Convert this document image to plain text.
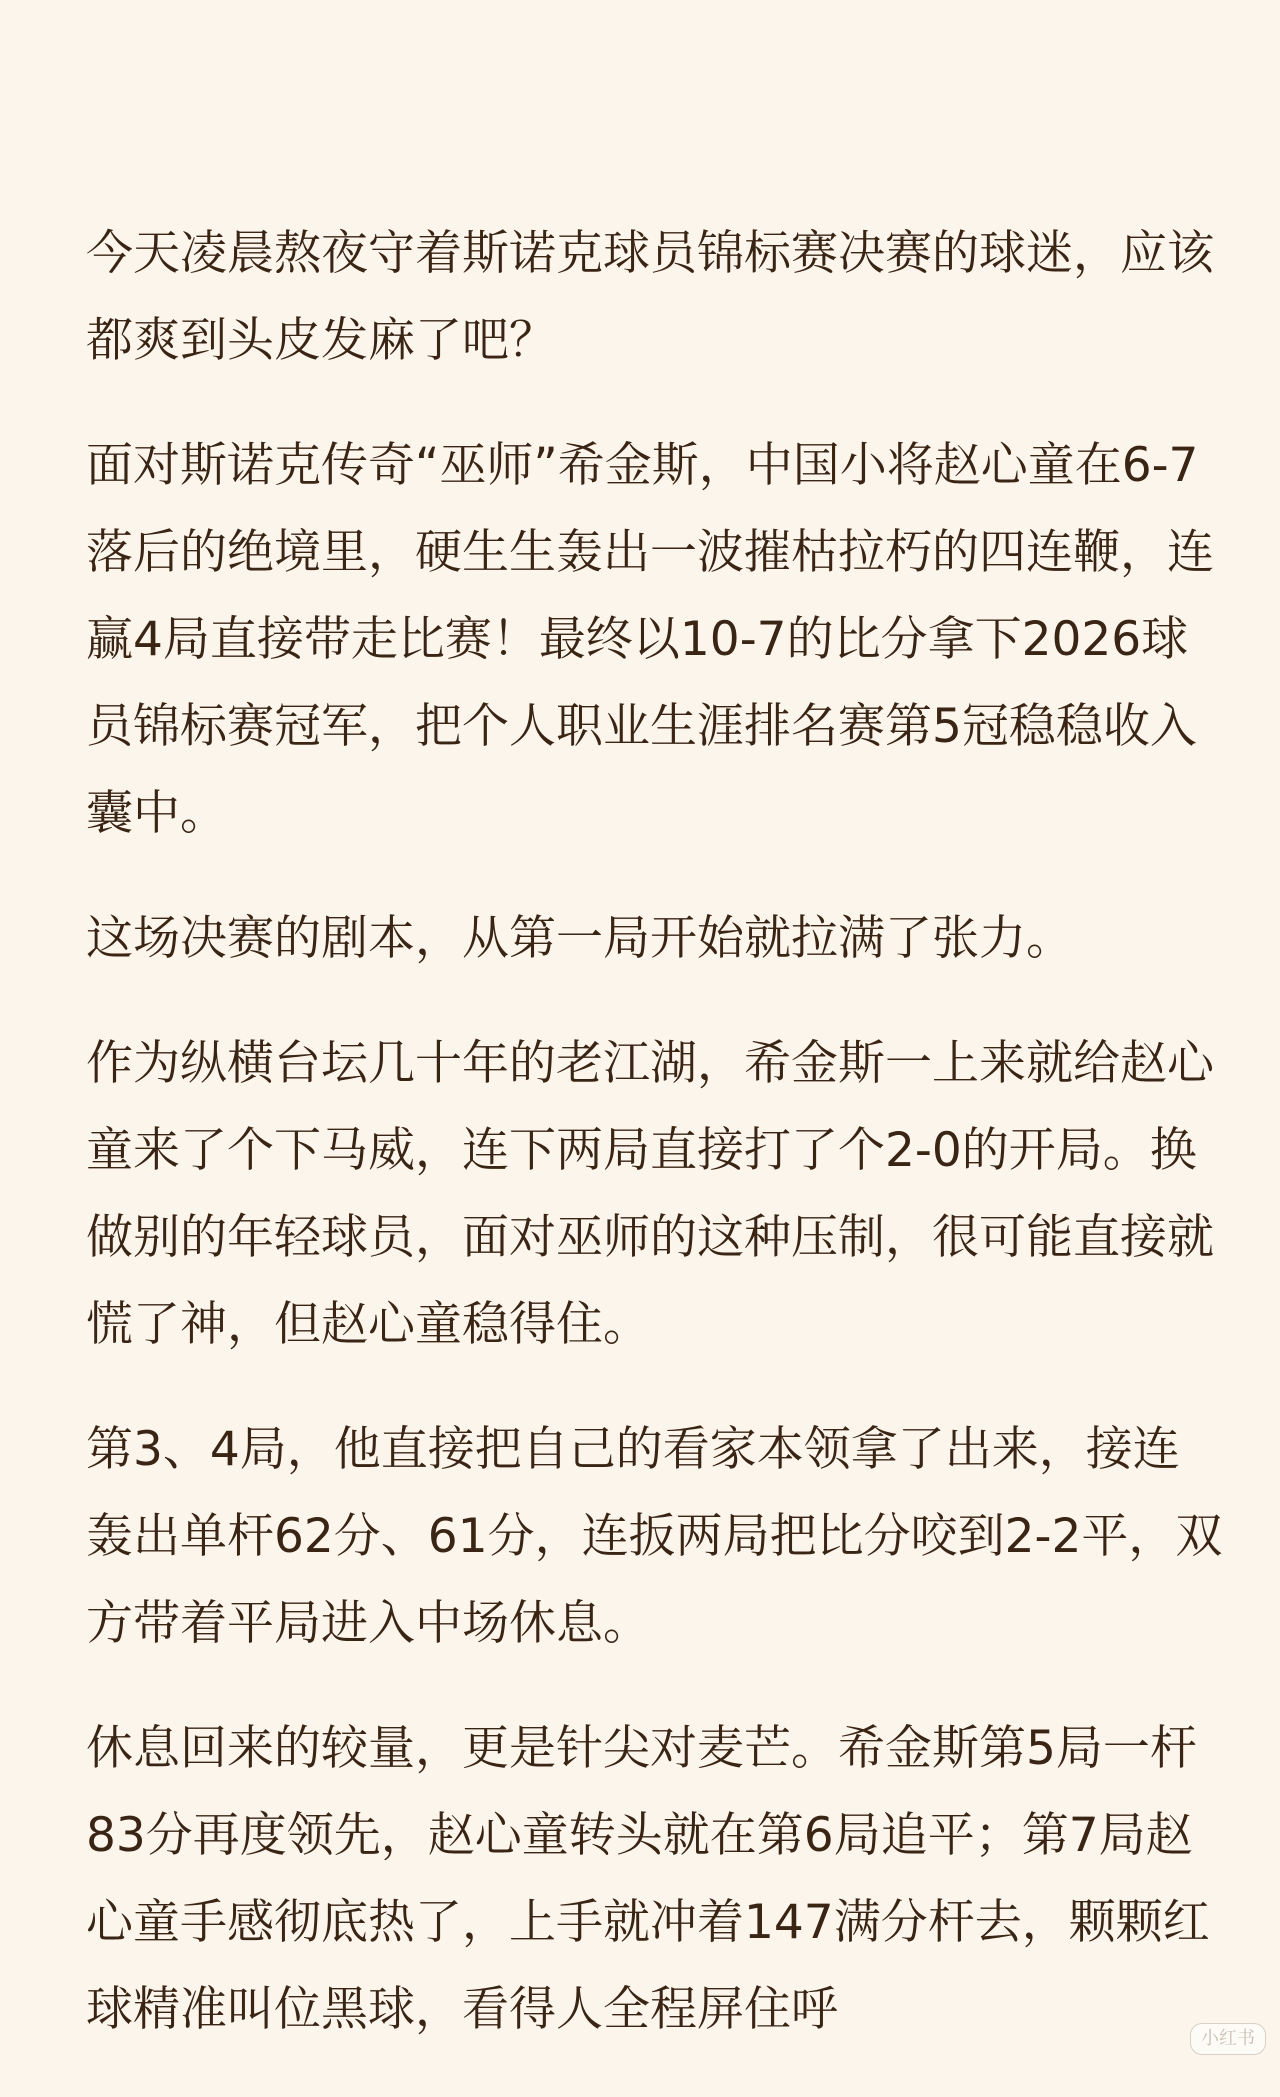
今天凌晨熬夜守着斯诺克球员锦标赛决赛的球迷，应该都爽到头皮发麻了吧？

面对斯诺克传奇“巫师”希金斯，中国小将赵心童在6-7落后的绝境里，硬生生轰出一波摧枯拉朽的四连鞭，连赢4局直接带走比赛！最终以10-7的比分拿下2026球员锦标赛冠军，把个人职业生涯排名赛第5冠稳稳收入囊中。

这场决赛的剧本，从第一局开始就拉满了张力。

作为纵横台坛几十年的老江湖，希金斯一上来就给赵心童来了个下马威，连下两局直接打了个2-0的开局。换做别的年轻球员，面对巫师的这种压制，很可能直接就慌了神，但赵心童稳得住。

第3、4局，他直接把自己的看家本领拿了出来，接连轰出单杆62分、61分，连扳两局把比分咬到2-2平，双方带着平局进入中场休息。

休息回来的较量，更是针尖对麦芒。希金斯第5局一杆83分再度领先，赵心童转头就在第6局追平；第7局赵心童手感彻底热了，上手就冲着147满分杆去，颗颗红球精准叫位黑球，看得人全程屏住呼

小红书
